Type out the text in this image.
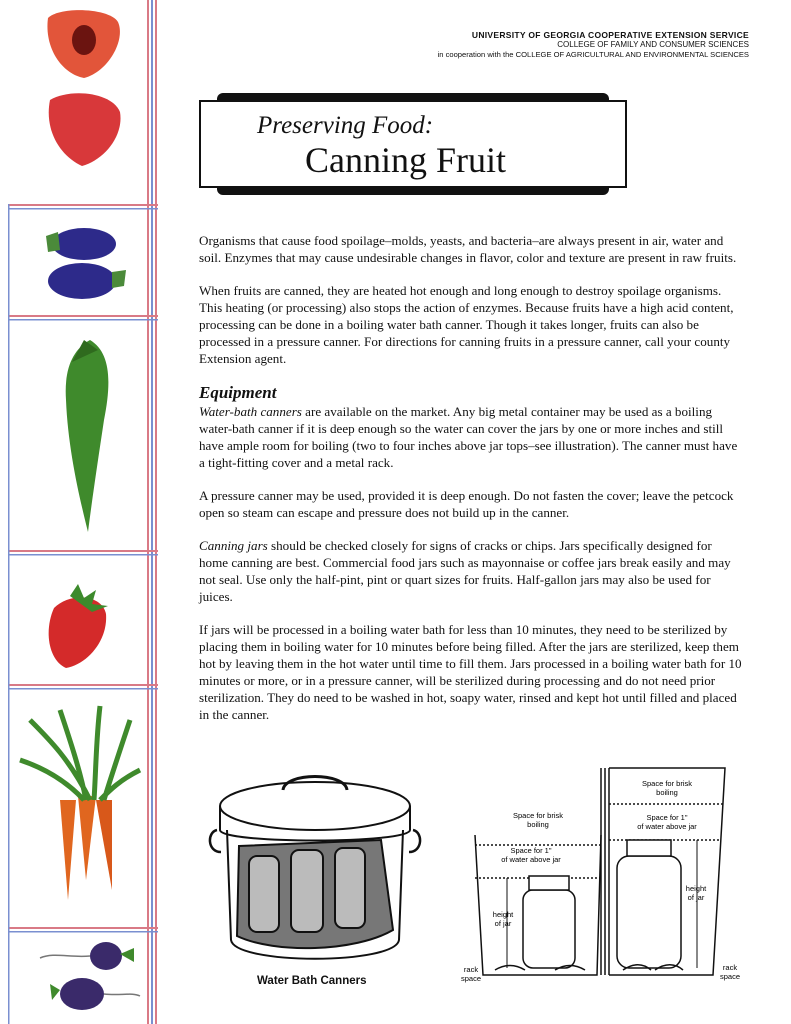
UNIVERSITY OF GEORGIA COOPERATIVE EXTENSION SERVICE
COLLEGE OF FAMILY AND CONSUMER SCIENCES
in cooperation with the COLLEGE OF AGRICULTURAL AND ENVIRONMENTAL SCIENCES
Preserving Food:
Canning Fruit

Organisms that cause food spoilage–molds, yeasts, and bacteria–are always present in air, water and soil. Enzymes that may cause undesirable changes in flavor, color and texture are present in raw fruits.

When fruits are canned, they are heated hot enough and long enough to destroy spoilage organisms. This heating (or processing) also stops the action of enzymes. Because fruits have a high acid content, processing can be done in a boiling water bath canner. Though it takes longer, fruits can also be processed in a pressure canner. For directions for canning fruits in a pressure canner, call your county Extension agent.

Equipment

Water-bath canners are available on the market. Any big metal container may be used as a boiling water-bath canner if it is deep enough so the water can cover the jars by one or more inches and still have ample room for boiling (two to four inches above jar tops–see illustration). The canner must have a tight-fitting cover and a metal rack.

A pressure canner may be used, provided it is deep enough. Do not fasten the cover; leave the petcock open so steam can escape and pressure does not build up in the canner.

Canning jars should be checked closely for signs of cracks or chips. Jars specifically designed for home canning are best. Commercial food jars such as mayonnaise or coffee jars break easily and may not seal. Use only the half-pint, pint or quart sizes for fruits. Half-gallon jars may also be used for juices.

If jars will be processed in a boiling water bath for less than 10 minutes, they need to be sterilized by placing them in boiling water for 10 minutes before being filled. After the jars are sterilized, keep them hot by leaving them in the hot water until time to fill them. Jars processed in a boiling water bath for 10 minutes or more, or in a pressure canner, will be sterilized during processing and do not need prior sterilization. They do need to be washed in hot, soapy water, rinsed and kept hot until filled and placed in the canner.

Space for brisk
boiling
Space for 1"
of water above jar
height
of jar
rack
space
Space for brisk
boiling
Space for 1"
of water above jar
height
of jar
rack
space
Water Bath Canners
